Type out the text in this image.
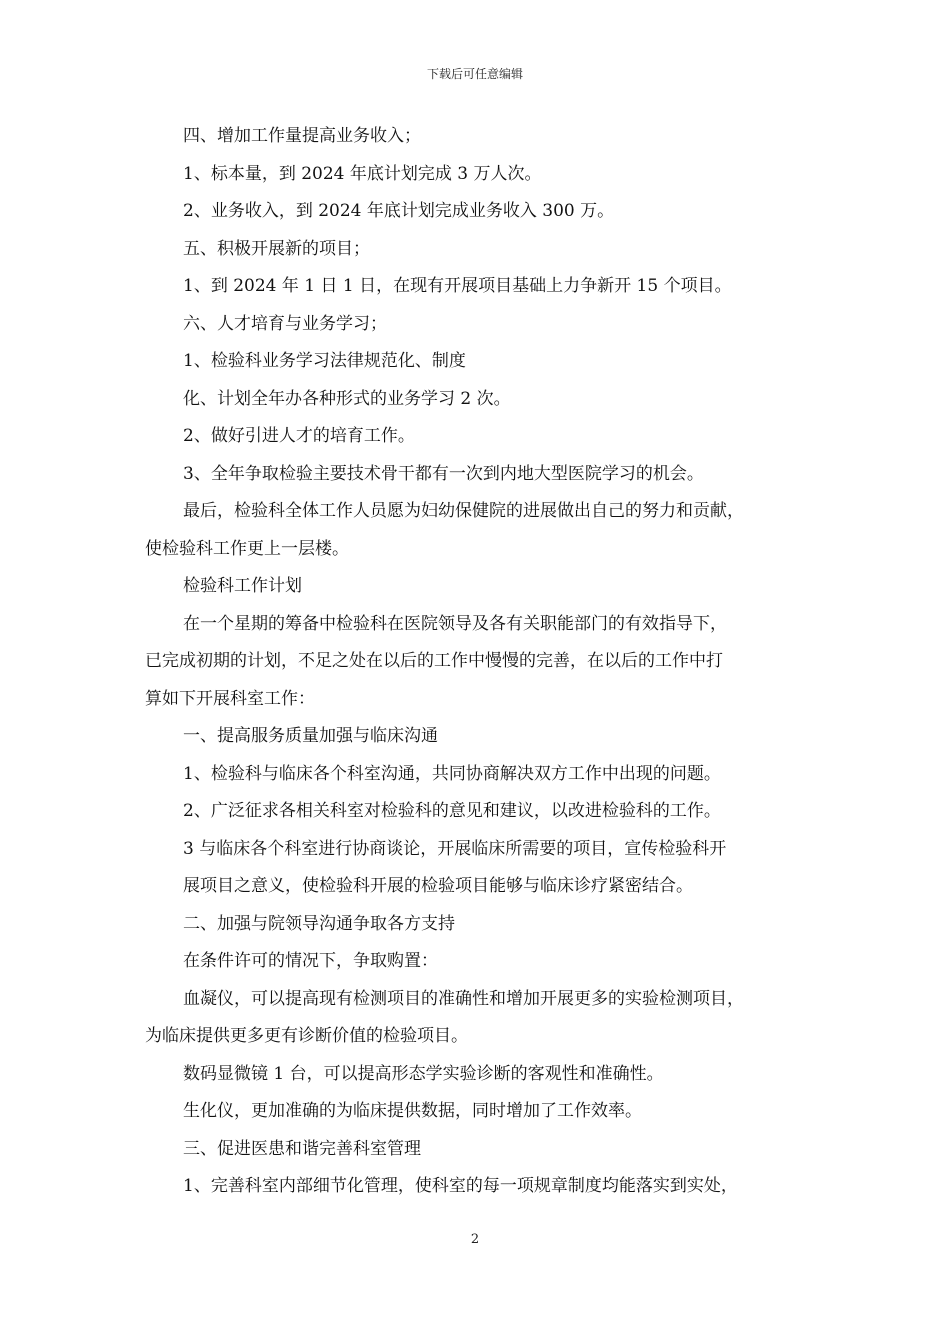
下载后可任意编辑
四、增加工作量提高业务收入；
1、标本量，到 2024 年底计划完成 3 万人次。
2、业务收入，到 2024 年底计划完成业务收入 300 万。
五、积极开展新的项目；
1、到 2024 年 1 日 1 日，在现有开展项目基础上力争新开 15 个项目。
六、人才培育与业务学习；
1、检验科业务学习法律规范化、制度
化、计划全年办各种形式的业务学习 2 次。
2、做好引进人才的培育工作。
3、全年争取检验主要技术骨干都有一次到内地大型医院学习的机会。
最后，检验科全体工作人员愿为妇幼保健院的进展做出自己的努力和贡献，
使检验科工作更上一层楼。
检验科工作计划
在一个星期的筹备中检验科在医院领导及各有关职能部门的有效指导下，
已完成初期的计划，不足之处在以后的工作中慢慢的完善，在以后的工作中打
算如下开展科室工作：
一、提高服务质量加强与临床沟通
1、检验科与临床各个科室沟通，共同协商解决双方工作中出现的问题。
2、广泛征求各相关科室对检验科的意见和建议，以改进检验科的工作。
3 与临床各个科室进行协商谈论，开展临床所需要的项目，宣传检验科开
展项目之意义，使检验科开展的检验项目能够与临床诊疗紧密结合。
二、加强与院领导沟通争取各方支持
在条件许可的情况下，争取购置：
血凝仪，可以提高现有检测项目的准确性和增加开展更多的实验检测项目，
为临床提供更多更有诊断价值的检验项目。
数码显微镜 1 台，可以提高形态学实验诊断的客观性和准确性。
生化仪，更加准确的为临床提供数据，同时增加了工作效率。
三、促进医患和谐完善科室管理
1、完善科室内部细节化管理，使科室的每一项规章制度均能落实到实处，
2
